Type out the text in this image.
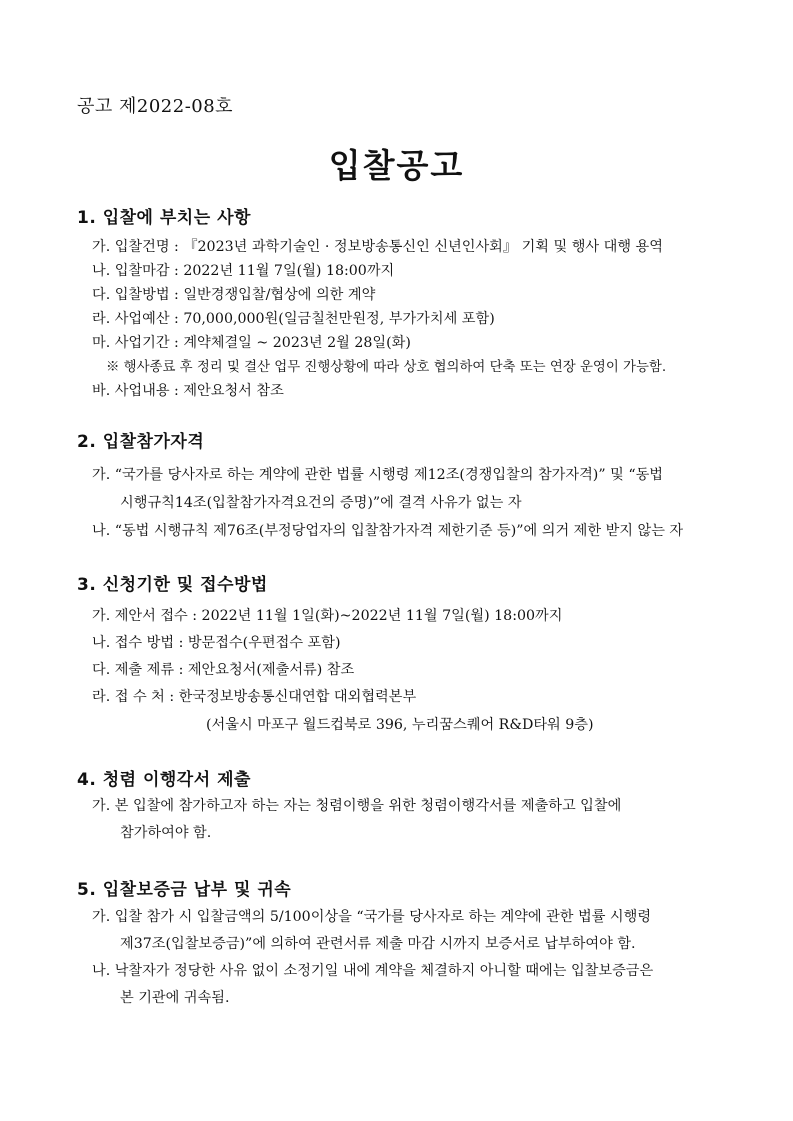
공고 제2022-08호
입찰공고
1. 입찰에 부치는 사항
가. 입찰건명 : 『2023년 과학기술인 · 정보방송통신인 신년인사회』 기획 및 행사 대행 용역
나. 입찰마감 : 2022년 11월 7일(월) 18:00까지
다. 입찰방법 : 일반경쟁입찰/협상에 의한 계약
라. 사업예산 : 70,000,000원(일금칠천만원정, 부가가치세 포함)
마. 사업기간 : 계약체결일 ~ 2023년 2월 28일(화)
※ 행사종료 후 정리 및 결산 업무 진행상황에 따라 상호 협의하여 단축 또는 연장 운영이 가능함.
바. 사업내용 : 제안요청서 참조
2. 입찰참가자격
가. “국가를 당사자로 하는 계약에 관한 법률 시행령 제12조(경쟁입찰의 참가자격)” 및 “동법
시행규칙14조(입찰참가자격요건의 증명)”에 결격 사유가 없는 자
나. “동법 시행규칙 제76조(부정당업자의 입찰참가자격 제한기준 등)”에 의거 제한 받지 않는 자
3. 신청기한 및 접수방법
가. 제안서 접수 : 2022년 11월 1일(화)~2022년 11월 7일(월) 18:00까지
나. 접수 방법 : 방문접수(우편접수 포함)
다. 제출 제류 : 제안요청서(제출서류) 참조
라. 접 수 처 : 한국정보방송통신대연합 대외협력본부
(서울시 마포구 월드컵북로 396, 누리꿈스퀘어 R&D타워 9층)
4. 청렴 이행각서 제출
가. 본 입찰에 참가하고자 하는 자는 청렴이행을 위한 청렴이행각서를 제출하고 입찰에
참가하여야 함.
5. 입찰보증금 납부 및 귀속
가. 입찰 참가 시 입찰금액의 5/100이상을 “국가를 당사자로 하는 계약에 관한 법률 시행령
제37조(입찰보증금)”에 의하여 관련서류 제출 마감 시까지 보증서로 납부하여야 함.
나. 낙찰자가 정당한 사유 없이 소정기일 내에 계약을 체결하지 아니할 때에는 입찰보증금은
본 기관에 귀속됨.
